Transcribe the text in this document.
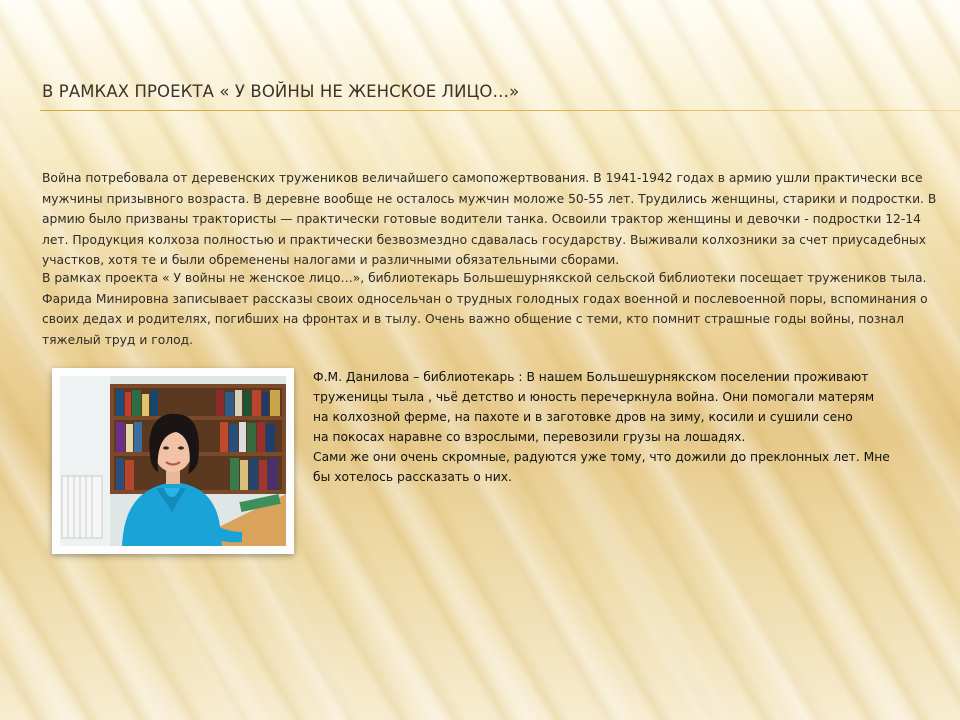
В РАМКАХ ПРОЕКТА « У ВОЙНЫ НЕ ЖЕНСКОЕ ЛИЦО…»

Война потребовала от деревенских тружеников величайшего самопожертвования. В 1941-1942 годах в армию ушли практически все мужчины призывного возраста. В деревне вообще не осталось мужчин моложе 50-55 лет. Трудились женщины, старики и подростки. В армию было призваны трактористы — практически готовые водители танка. Освоили трактор женщины и девочки - подростки 12-14 лет. Продукция колхоза полностью и практически безвозмездно сдавалась государству. Выживали колхозники за счет приусадебных участков, хотя те и были обременены налогами и различными обязательными сборами.

В рамках проекта « У войны не женское лицо…», библиотекарь Большешурнякской сельской библиотеки посещает тружеников тыла. Фарида Минировна записывает рассказы своих односельчан о трудных голодных годах военной и послевоенной поры, вспоминания о своих дедах и родителях, погибших на фронтах и в тылу. Очень важно общение с теми, кто помнит страшные годы войны, познал тяжелый труд и голод.

Ф.М. Данилова – библиотекарь : В нашем Большешурнякском поселении проживают
труженицы тыла , чьё детство и юность перечеркнула война. Они помогали матерям
на колхозной ферме, на пахоте и в заготовке дров на зиму, косили и сушили сено
на покосах наравне со взрослыми, перевозили грузы на лошадях.
Сами же они очень скромные, радуются уже тому, что дожили до преклонных лет. Мне
бы хотелось рассказать о них.
